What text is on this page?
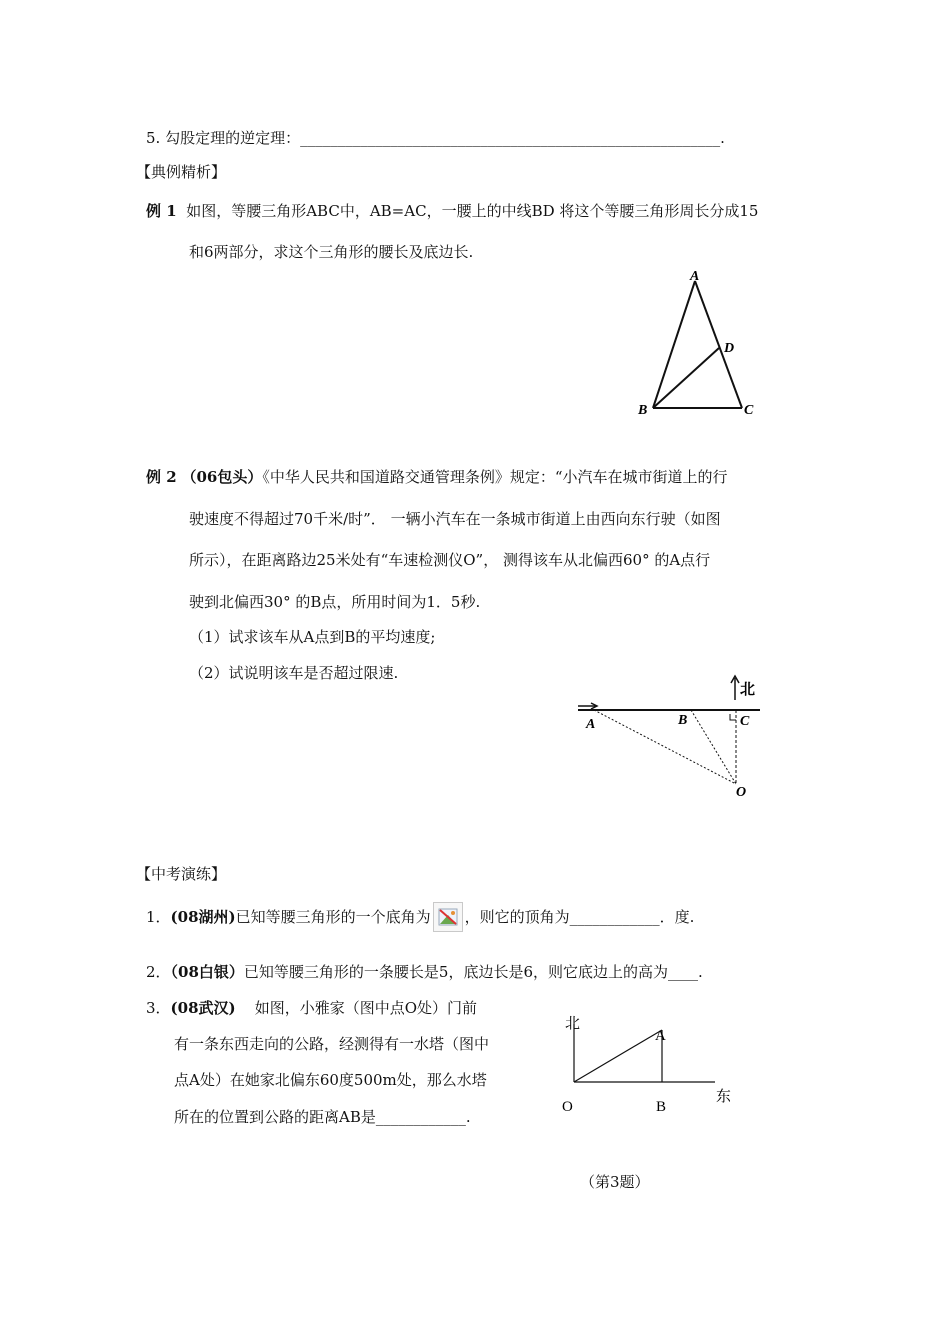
5. 勾股定理的逆定理：________________________________________________________.
【典例精析】
例 1 如图，等腰三角形ABC中，AB=AC，一腰上的中线BD 将这个等腰三角形周长分成15
和6两部分，求这个三角形的腰长及底边长.
A
D
B	C
例 2 （06包头）《中华人民共和国道路交通管理条例》规定：“小汽车在城市街道上的行
驶速度不得超过70千米/时”． 一辆小汽车在一条城市街道上由西向东行驶（如图
所示），在距离路边25米处有“车速检测仪O”， 测得该车从北偏西60° 的A点行
驶到北偏西30° 的B点，所用时间为1．5秒.
（1）试求该车从A点到B的平均速度;
（2）试说明该车是否超过限速.
北
A	B	C
O
【中考演练】
1．(08湖州)已知等腰三角形的一个底角为 ，则它的顶角为____________．度.
2．（08白银）已知等腰三角形的一条腰长是5，底边长是6，则它底边上的高为____.
3．(08武汉) 如图，小雅家（图中点O处）门前
有一条东西走向的公路，经测得有一水塔（图中
点A处）在她家北偏东60度500m处，那么水塔
所在的位置到公路的距离AB是____________.
北
A
东
O	B
（第3题）
